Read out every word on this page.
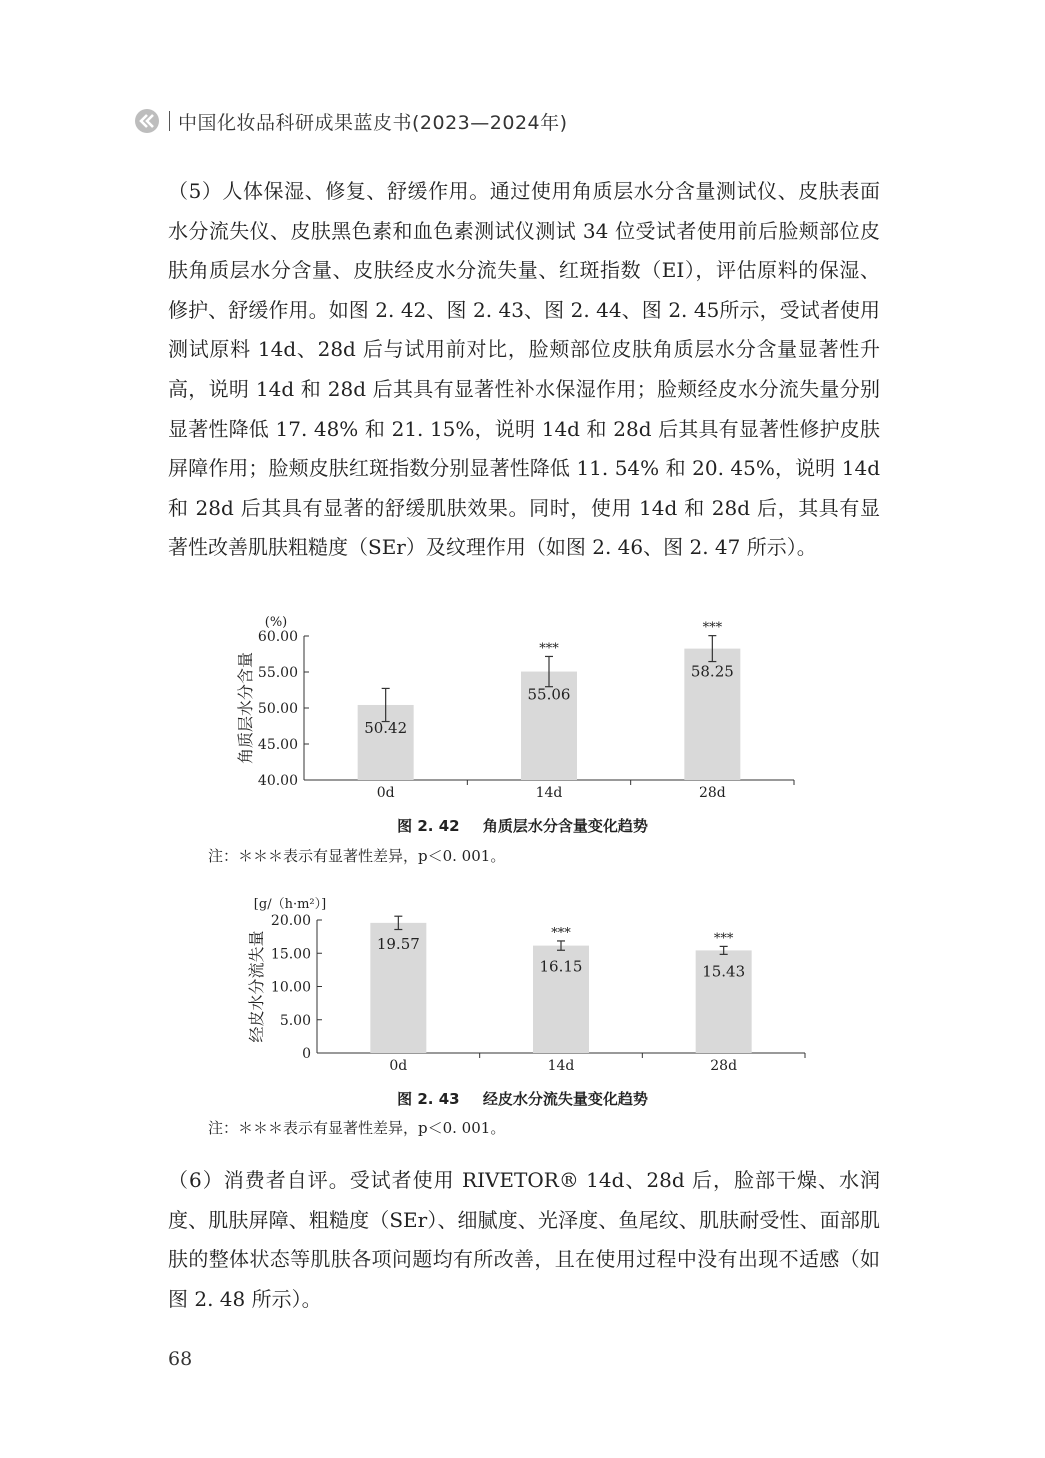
中国化妆品科研成果蓝皮书(2023—2024年)

（5）人体保湿、修复、舒缓作用。通过使用角质层水分含量测试仪、皮肤表面水分流失仪、皮肤黑色素和血色素测试仪测试 34 位受试者使用前后脸颊部位皮肤角质层水分含量、皮肤经皮水分流失量、红斑指数（EI），评估原料的保湿、修护、舒缓作用。如图 2. 42、图 2. 43、图 2. 44、图 2. 45所示，受试者使用测试原料 14d、28d 后与试用前对比，脸颊部位皮肤角质层水分含量显著性升高，说明 14d 和 28d 后其具有显著性补水保湿作用；脸颊经皮水分流失量分别显著性降低 17. 48% 和 21. 15%，说明 14d 和 28d 后其具有显著性修护皮肤屏障作用；脸颊皮肤红斑指数分别显著性降低 11. 54% 和 20. 45%，说明 14d 和 28d 后其具有显著的舒缓肌肤效果。同时，使用 14d 和 28d 后，其具有显著性改善肌肤粗糙度（SEr）及纹理作用（如图 2. 46、图 2. 47 所示）。

40.00
45.00
50.00
55.00
60.00
(%)
角质层水分含量	50.42
0d
55.06
***
14d
58.25
***
28d
图 2. 42 角质层水分含量变化趋势
注：＊＊＊表示有显著性差异，p＜0. 001。
0
5.00
10.00
15.00
20.00
[g/（h·m²）]
经皮水分流失量	19.57
0d
16.15
***
14d
15.43
***
28d
图 2. 43 经皮水分流失量变化趋势
注：＊＊＊表示有显著性差异，p＜0. 001。

（6）消费者自评。受试者使用 RIVETOR® 14d、28d 后，脸部干燥、水润度、肌肤屏障、粗糙度（SEr）、细腻度、光泽度、鱼尾纹、肌肤耐受性、面部肌肤的整体状态等肌肤各项问题均有所改善，且在使用过程中没有出现不适感（如图 2. 48 所示）。

68
